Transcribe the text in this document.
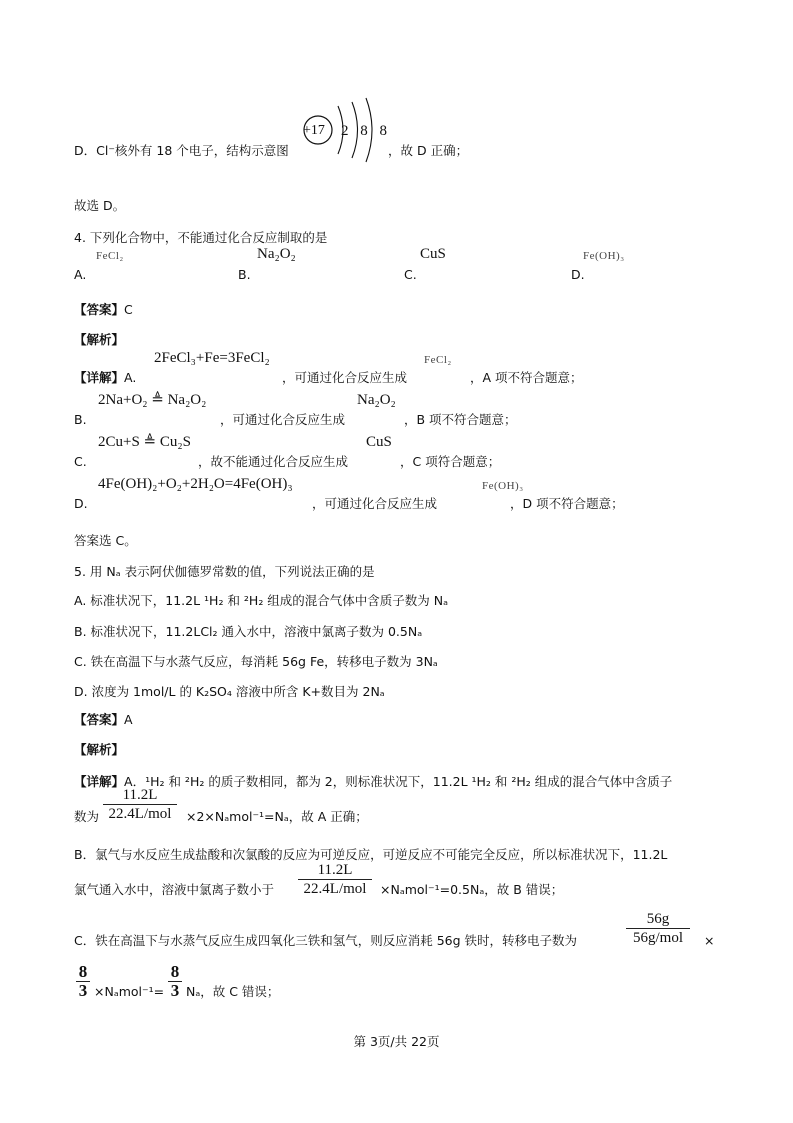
D．Cl⁻核外有 18 个电子，结构示意图
+17 2 8 8
，故 D 正确；
故选 D。
4. 下列化合物中，不能通过化合反应制取的是
FeCl₂	Na₂O₂	CuS	Fe(OH)₃
A.	B.	C.	D.
【答案】C
【解析】
2FeCl₃+Fe=3FeCl₂	FeCl₂
【详解】A.	，可通过化合反应生成	，A 项不符合题意；
2Na+O₂ ≜ Na₂O₂	Na₂O₂
B.	，可通过化合反应生成	，B 项不符合题意；
2Cu+S ≜ Cu₂S	CuS
C.	，故不能通过化合反应生成	，C 项符合题意；
4Fe(OH)₂+O₂+2H₂O=4Fe(OH)₃	Fe(OH)₃
D.	，可通过化合反应生成	，D 项不符合题意；
答案选 C。
5. 用 Nₐ 表示阿伏伽德罗常数的值，下列说法正确的是
A. 标准状况下，11.2L ¹H₂ 和 ²H₂ 组成的混合气体中含质子数为 Nₐ
B. 标准状况下，11.2LCl₂ 通入水中，溶液中氯离子数为 0.5Nₐ
C. 铁在高温下与水蒸气反应，每消耗 56g Fe，转移电子数为 3Nₐ
D. 浓度为 1mol/L 的 K₂SO₄ 溶液中所含 K+数目为 2Nₐ
【答案】A
【解析】
【详解】A．¹H₂ 和 ²H₂ 的质子数相同，都为 2，则标准状况下，11.2L ¹H₂ 和 ²H₂ 组成的混合气体中含质子
11.2L
22.4L/mol
数为	×2×Nₐmol⁻¹=Nₐ，故 A 正确；
B．氯气与水反应生成盐酸和次氯酸的反应为可逆反应，可逆反应不可能完全反应，所以标准状况下，11.2L
11.2L
22.4L/mol
氯气通入水中，溶液中氯离子数小于	×Nₐmol⁻¹=0.5Nₐ，故 B 错误；
56g
56g/mol
C．铁在高温下与水蒸气反应生成四氧化三铁和氢气，则反应消耗 56g 铁时，转移电子数为	×
8
3 ×Nₐmol⁻¹=
8
3 Nₐ，故 C 错误；
第 3页/共 22页
